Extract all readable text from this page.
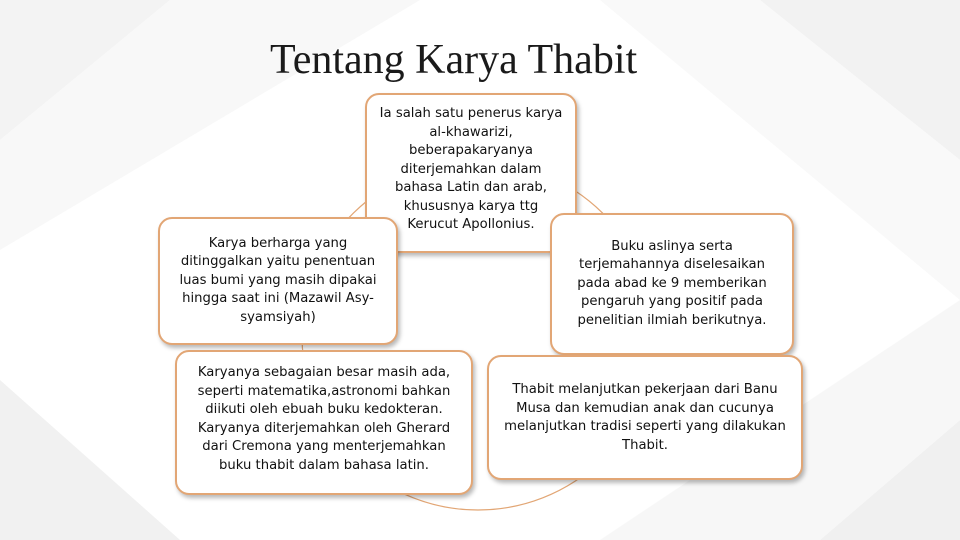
Tentang Karya Thabit
Ia salah satu penerus karya al-khawarizi, beberapakaryanya diterjemahkan dalam bahasa Latin dan arab, khususnya karya ttg Kerucut Apollonius.
Karya berharga yang ditinggalkan yaitu penentuan luas bumi yang masih dipakai hingga saat ini (Mazawil Asy-syamsiyah)
Buku aslinya serta terjemahannya diselesaikan pada abad ke 9 memberikan pengaruh yang positif pada penelitian ilmiah berikutnya.
Karyanya sebagaian besar masih ada, seperti matematika,astronomi bahkan diikuti oleh ebuah buku kedokteran. Karyanya diterjemahkan oleh Gherard dari Cremona yang menterjemahkan buku thabit dalam bahasa latin.
Thabit melanjutkan pekerjaan dari Banu Musa dan kemudian anak dan cucunya melanjutkan tradisi seperti yang dilakukan Thabit.
